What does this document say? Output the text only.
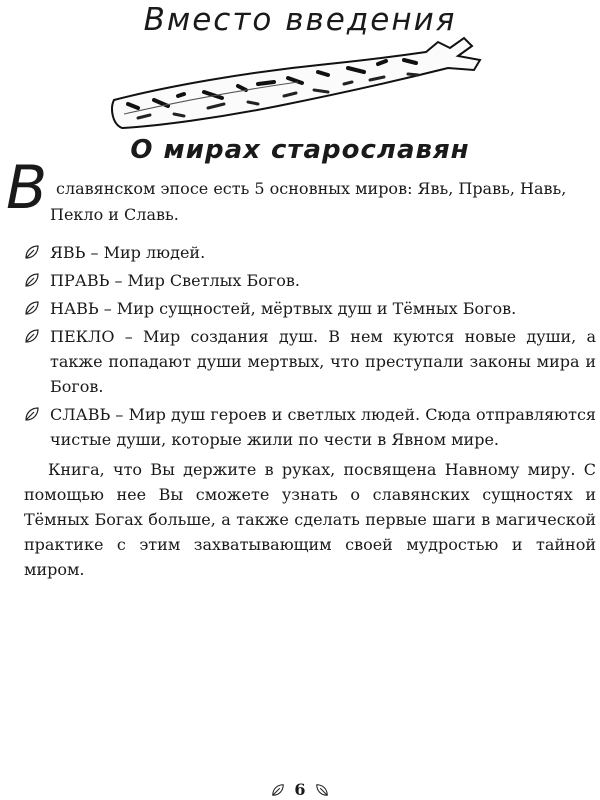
Вместо введения
О мирах старославян
В славянском эпосе есть 5 основных миров: Явь, Правь, Навь,
Пекло и Славь.

ЯВЬ – Мир людей.
ПРАВЬ – Мир Светлых Богов.
НАВЬ – Мир сущностей, мёртвых душ и Тёмных Богов.
ПЕКЛО – Мир создания душ. В нем куются новые души, а также попадают души мертвых, что преступали законы мира и Богов.
СЛАВЬ – Мир душ героев и светлых людей. Сюда отправляются чистые души, которые жили по чести в Явном мире.

Книга, что Вы держите в руках, посвящена Навному миру. С помощью нее Вы сможете узнать о славянских сущностях и Тёмных Богах больше, а также сделать первые шаги в магической практике с этим захватывающим своей мудростью и тайной миром.

6
